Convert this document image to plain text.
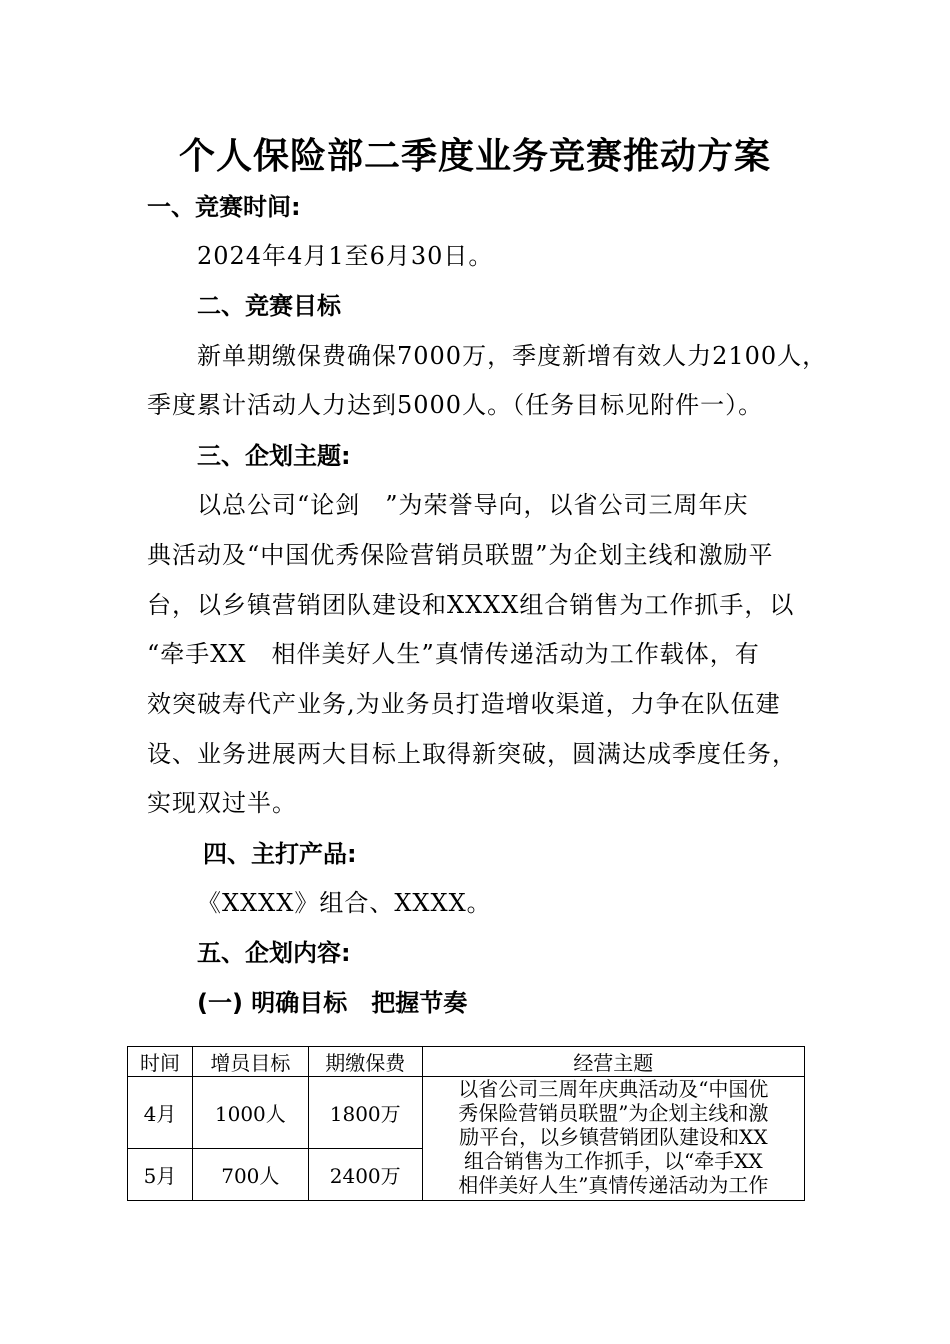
个人保险部二季度业务竞赛推动方案
一、竞赛时间:
2024年4月1至6月30日。
二、竞赛目标
新单期缴保费确保7000万，季度新增有效人力2100人，
季度累计活动人力达到5000人。（任务目标见附件一）。
三、企划主题:
以总公司“论剑　”为荣誉导向，以省公司三周年庆
典活动及“中国优秀保险营销员联盟”为企划主线和激励平
台，以乡镇营销团队建设和XXXX组合销售为工作抓手，以
“牵手XX　相伴美好人生”真情传递活动为工作载体，有
效突破寿代产业务,为业务员打造增收渠道，力争在队伍建
设、业务进展两大目标上取得新突破，圆满达成季度任务，
实现双过半。
四、主打产品:
《XXXX》组合、XXXX。
五、企划内容:
(一) 明确目标　把握节奏
时间	增员目标	期缴保费	经营主题
4月	1000人	1800万	以省公司三周年庆典活动及“中国优
秀保险营销员联盟”为企划主线和激
励平台，以乡镇营销团队建设和XX
组合销售为工作抓手，以“牵手XX
相伴美好人生”真情传递活动为工作

5月	700人	2400万	
